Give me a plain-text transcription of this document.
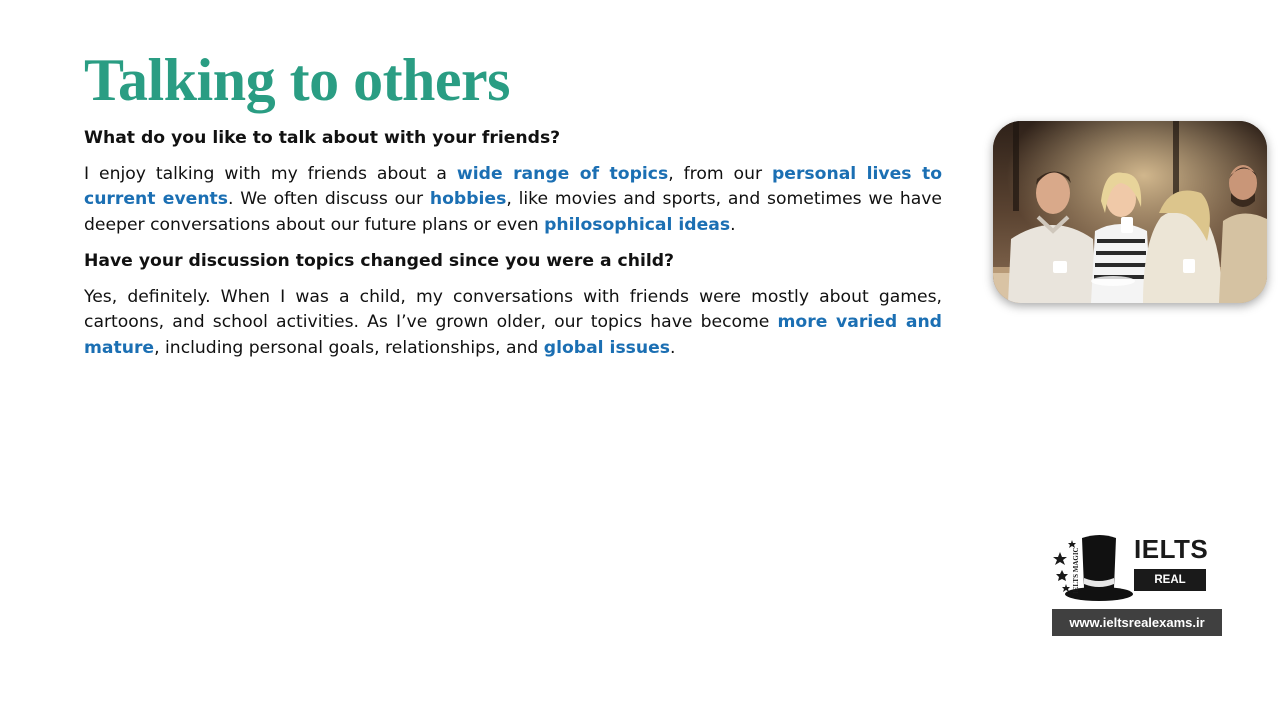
Talking to others

What do you like to talk about with your friends?

I enjoy talking with my friends about a wide range of topics, from our personal lives to current events. We often discuss our hobbies, like movies and sports, and sometimes we have deeper conversations about our future plans or even philosophical ideas.

Have your discussion topics changed since you were a child?

Yes, definitely. When I was a child, my conversations with friends were mostly about games, cartoons, and school activities. As I’ve grown older, our topics have become more varied and mature, including personal goals, relationships, and global issues.

IELTS MAGIC IELTS
REAL EXAMS
www.ieltsrealexams.ir
